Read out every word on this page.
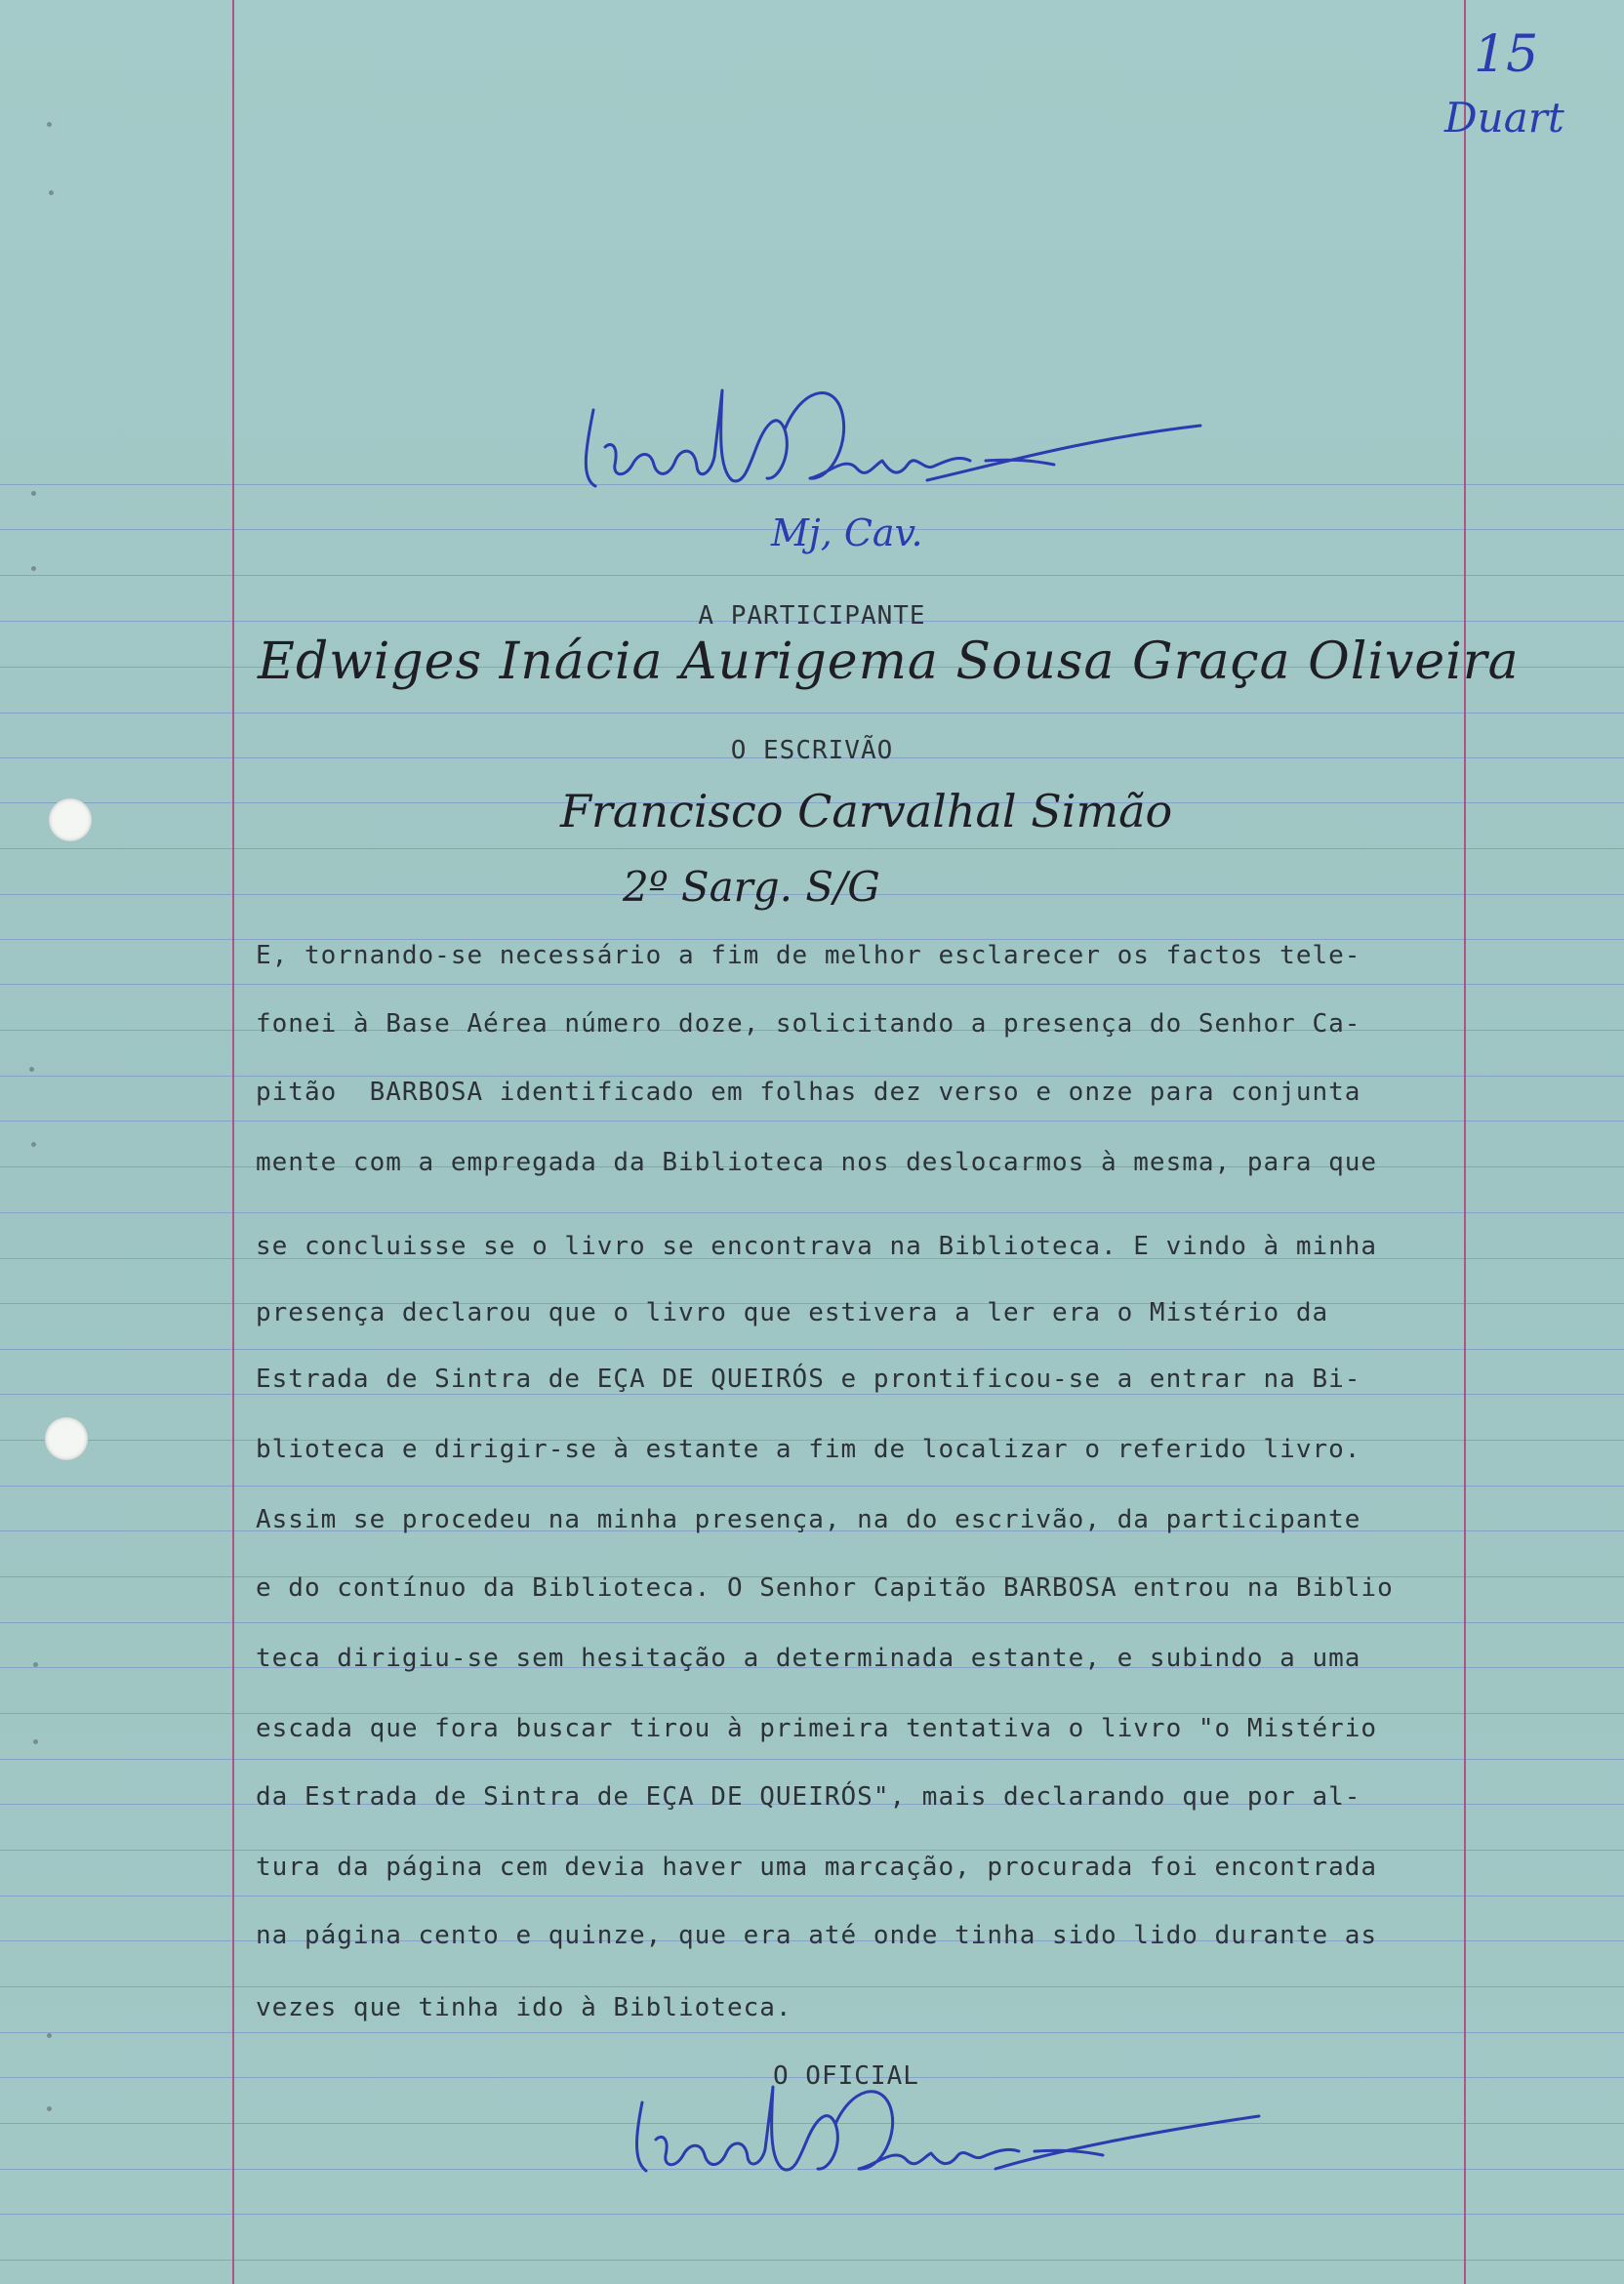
15
Duart
Mj, Cav.
A PARTICIPANTE
Edwiges Inácia Aurigema Sousa Graça Oliveira
O ESCRIVÃO
Francisco Carvalhal Simão
2º Sarg. S/G
E, tornando-se necessário a fim de melhor esclarecer os factos tele-
fonei à Base Aérea número doze, solicitando a presença do Senhor Ca-
pitão  BARBOSA identificado em folhas dez verso e onze para conjunta
mente com a empregada da Biblioteca nos deslocarmos à mesma, para que
se concluisse se o livro se encontrava na Biblioteca. E vindo à minha
presença declarou que o livro que estivera a ler era o Mistério da
Estrada de Sintra de EÇA DE QUEIRÓS e prontificou-se a entrar na Bi-
blioteca e dirigir-se à estante a fim de localizar o referido livro.
Assim se procedeu na minha presença, na do escrivão, da participante
e do contínuo da Biblioteca. O Senhor Capitão BARBOSA entrou na Biblio
teca dirigiu-se sem hesitação a determinada estante, e subindo a uma
escada que fora buscar tirou à primeira tentativa o livro "o Mistério
da Estrada de Sintra de EÇA DE QUEIRÓS", mais declarando que por al-
tura da página cem devia haver uma marcação, procurada foi encontrada
na página cento e quinze, que era até onde tinha sido lido durante as
vezes que tinha ido à Biblioteca.
O OFICIAL
